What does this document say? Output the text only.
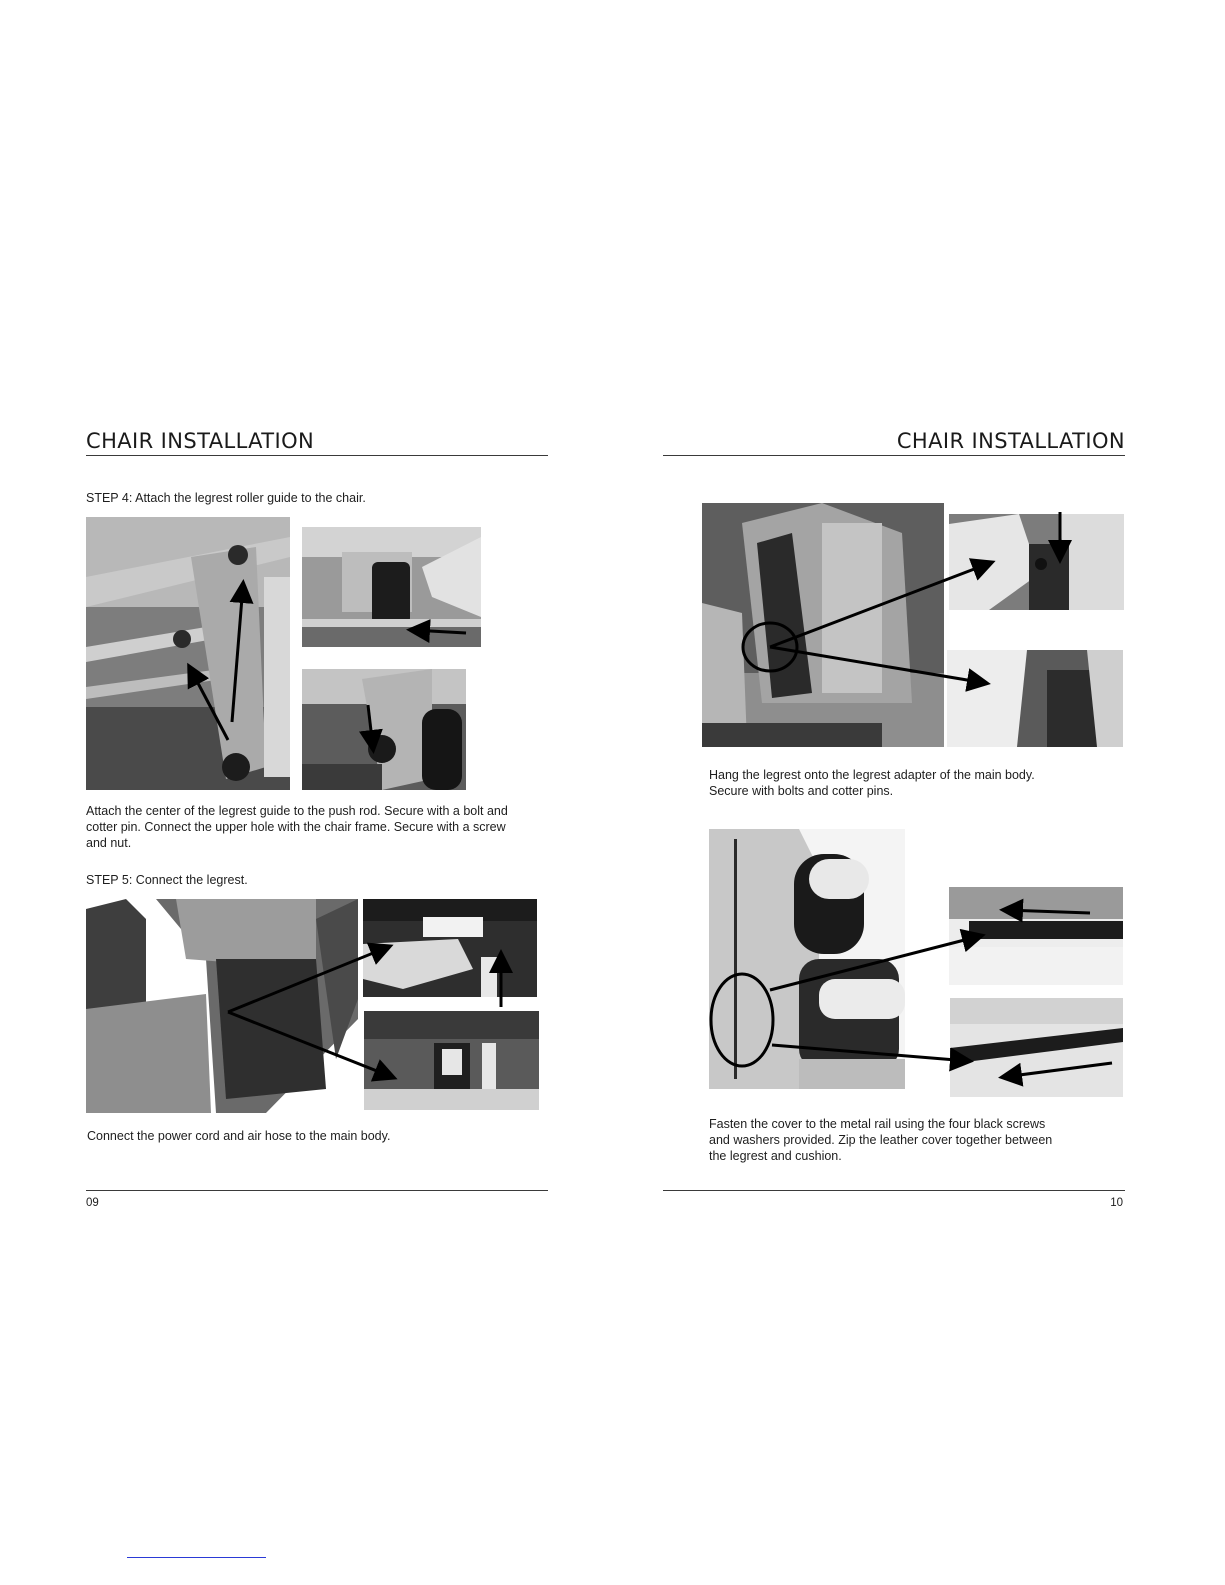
CHAIR INSTALLATION
STEP 4: Attach the legrest roller guide to the chair.
Attach the center of the legrest guide to the push rod. Secure with a bolt and
cotter pin. Connect the upper hole with the chair frame. Secure with a screw
and nut.
STEP 5: Connect the legrest.
Connect the power cord and air hose to the main body.
09
CHAIR INSTALLATION
Hang the legrest onto the legrest adapter of the main body.
Secure with bolts and cotter pins.
Fasten the cover to the metal rail using the four black screws
and washers provided. Zip the leather cover together between
the legrest and cushion.
10
